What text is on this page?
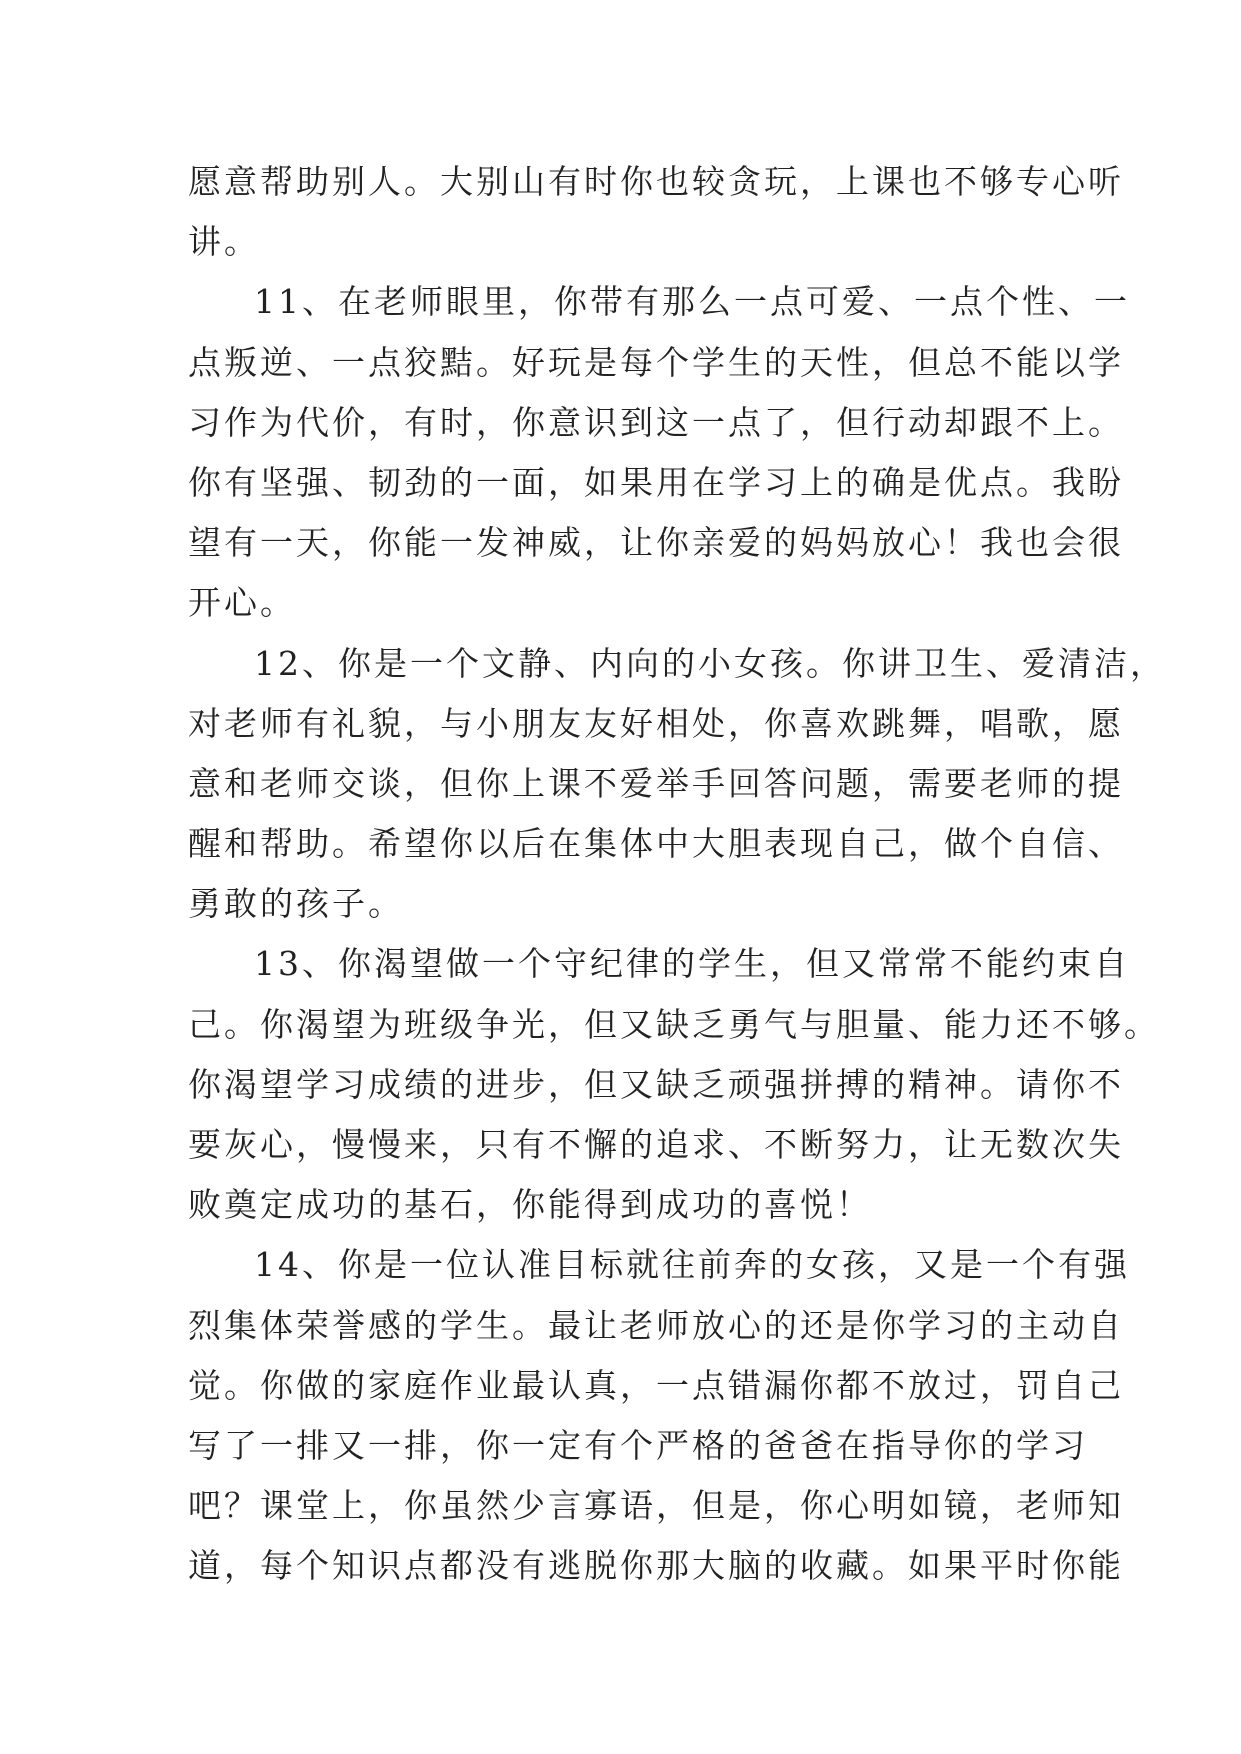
愿意帮助别人。大别山有时你也较贪玩，上课也不够专心听
讲。
11、在老师眼里，你带有那么一点可爱、一点个性、一
点叛逆、一点狡黠。好玩是每个学生的天性，但总不能以学
习作为代价，有时，你意识到这一点了，但行动却跟不上。
你有坚强、韧劲的一面，如果用在学习上的确是优点。我盼
望有一天，你能一发神威，让你亲爱的妈妈放心！我也会很
开心。
12、你是一个文静、内向的小女孩。你讲卫生、爱清洁，
对老师有礼貌，与小朋友友好相处，你喜欢跳舞，唱歌，愿
意和老师交谈，但你上课不爱举手回答问题，需要老师的提
醒和帮助。希望你以后在集体中大胆表现自己，做个自信、
勇敢的孩子。
13、你渴望做一个守纪律的学生，但又常常不能约束自
己。你渴望为班级争光，但又缺乏勇气与胆量、能力还不够。
你渴望学习成绩的进步，但又缺乏顽强拼搏的精神。请你不
要灰心，慢慢来，只有不懈的追求、不断努力，让无数次失
败奠定成功的基石，你能得到成功的喜悦！
14、你是一位认准目标就往前奔的女孩，又是一个有强
烈集体荣誉感的学生。最让老师放心的还是你学习的主动自
觉。你做的家庭作业最认真，一点错漏你都不放过，罚自己
写了一排又一排，你一定有个严格的爸爸在指导你的学习
吧？课堂上，你虽然少言寡语，但是，你心明如镜，老师知
道，每个知识点都没有逃脱你那大脑的收藏。如果平时你能
